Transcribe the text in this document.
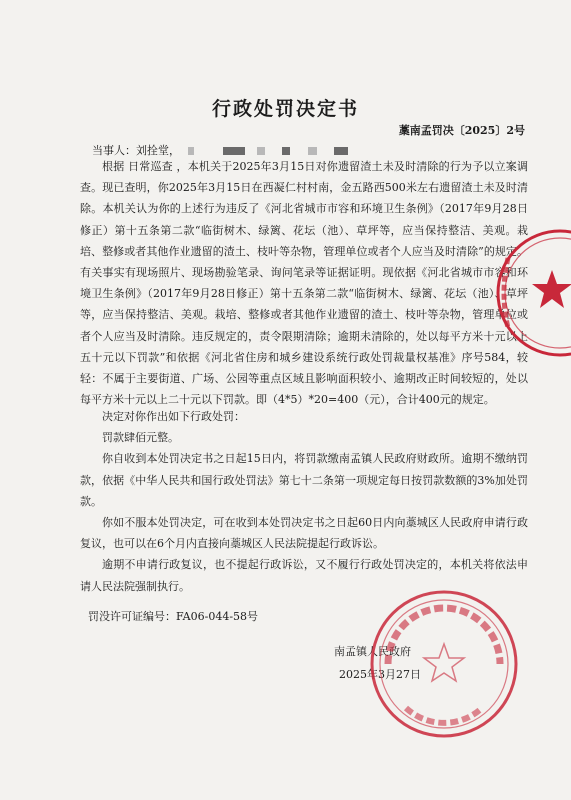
行政处罚决定书
藁南孟罚决〔2025〕2号
当事人：刘拴堂，

根据 日常巡查 ，本机关于2025年3月15日对你遗留渣土未及时清除的行为予以立案调查。现已查明，你2025年3月15日在西凝仁村村南，金五路西500米左右遗留渣土未及时清除。本机关认为你的上述行为违反了《河北省城市市容和环境卫生条例》（2017年9月28日修正）第十五条第二款“临街树木、绿篱、花坛（池）、草坪等，应当保持整洁、美观。栽培、整修或者其他作业遗留的渣土、枝叶等杂物，管理单位或者个人应当及时清除”的规定。有关事实有现场照片、现场勘验笔录、询问笔录等证据证明。现依据《河北省城市市容和环境卫生条例》（2017年9月28日修正）第十五条第二款“临街树木、绿篱、花坛（池）、草坪等，应当保持整洁、美观。栽培、整修或者其他作业遗留的渣土、枝叶等杂物，管理单位或者个人应当及时清除。违反规定的，责令限期清除；逾期未清除的，处以每平方米十元以上五十元以下罚款”和依据《河北省住房和城乡建设系统行政处罚裁量权基准》序号584，较轻：不属于主要街道、广场、公园等重点区域且影响面积较小、逾期改正时间较短的，处以每平方米十元以上二十元以下罚款。即（4*5）*20=400（元），合计400元的规定。

决定对你作出如下行政处罚：

罚款肆佰元整。

你自收到本处罚决定书之日起15日内，将罚款缴南孟镇人民政府财政所。逾期不缴纳罚款，依据《中华人民共和国行政处罚法》第七十二条第一项规定每日按罚款数额的3%加处罚款。

你如不服本处罚决定，可在收到本处罚决定书之日起60日内向藁城区人民政府申请行政复议，也可以在6个月内直接向藁城区人民法院提起行政诉讼。

逾期不申请行政复议，也不提起行政诉讼，又不履行行政处罚决定的，本机关将依法申请人民法院强制执行。

罚没许可证编号：FA06-044-58号
南孟镇人民政府
2025年3月27日
